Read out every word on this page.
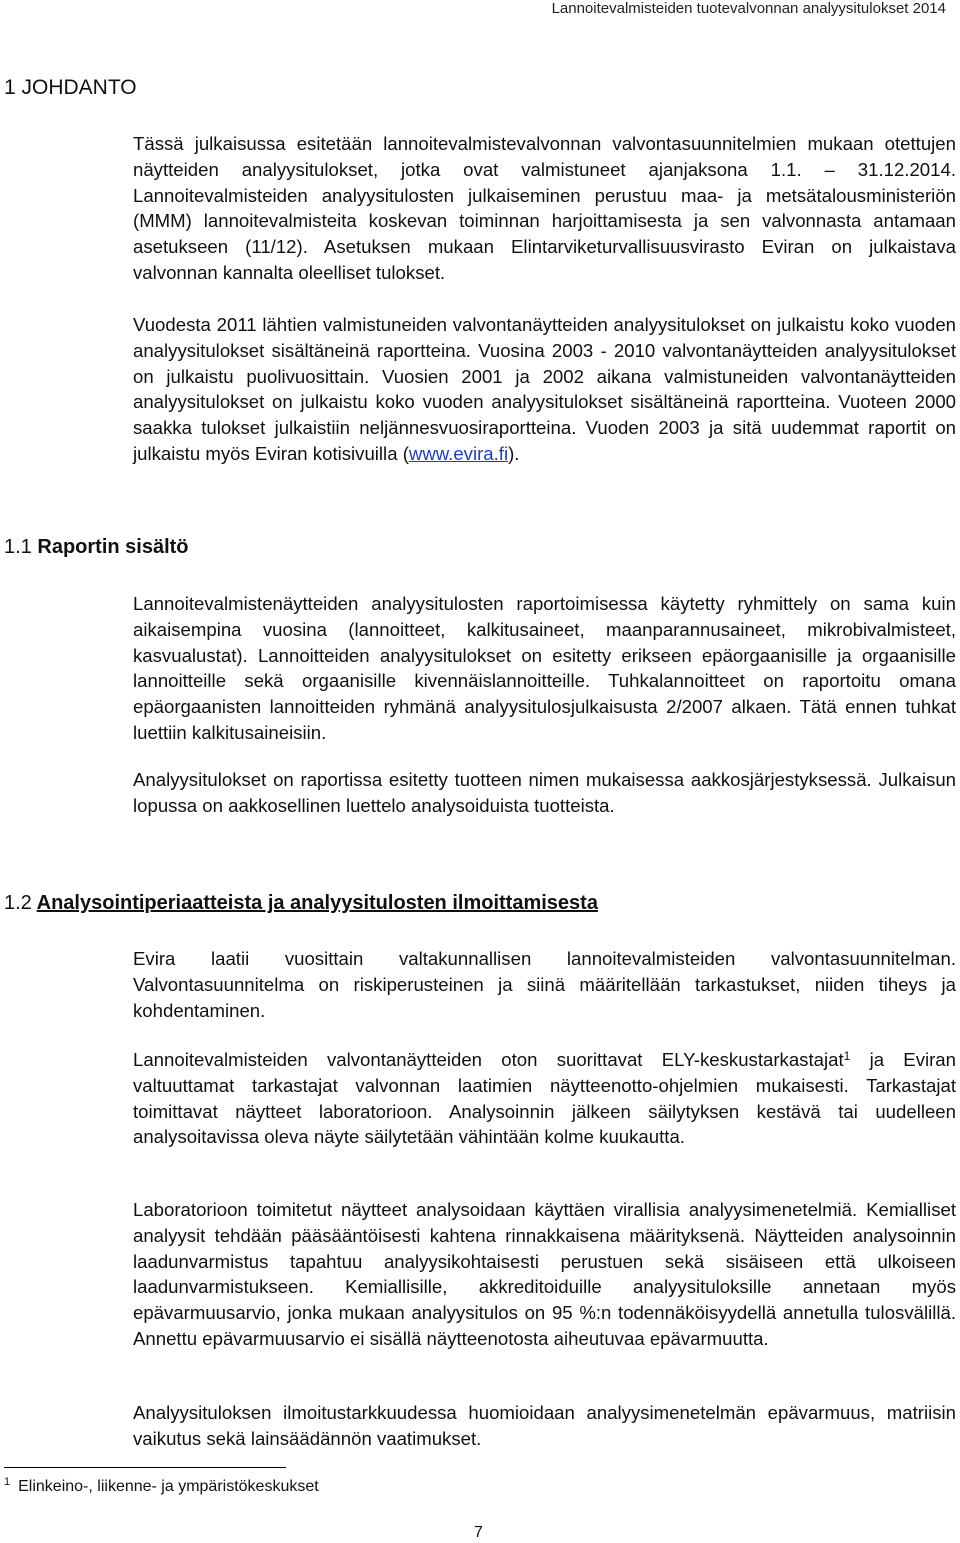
Lannoitevalmisteiden tuotevalvonnan analyysitulokset 2014
1 JOHDANTO

Tässä julkaisussa esitetään lannoitevalmistevalvonnan valvontasuunnitelmien mukaan otettujen näytteiden analyysitulokset, jotka ovat valmistuneet ajanjaksona 1.1. – 31.12.2014. Lannoitevalmisteiden analyysitulosten julkaiseminen perustuu maa- ja metsätalousministeriön (MMM) lannoitevalmisteita koskevan toiminnan harjoittamisesta ja sen valvonnasta antamaan asetukseen (11/12). Asetuksen mukaan Elintarviketurvallisuusvirasto Eviran on julkaistava valvonnan kannalta oleelliset tulokset.

Vuodesta 2011 lähtien valmistuneiden valvontanäytteiden analyysitulokset on julkaistu koko vuoden analyysitulokset sisältäneinä raportteina. Vuosina 2003 - 2010 valvontanäytteiden analyysitulokset on julkaistu puolivuosittain. Vuosien 2001 ja 2002 aikana valmistuneiden valvontanäytteiden analyysitulokset on julkaistu koko vuoden analyysitulokset sisältäneinä raportteina. Vuoteen 2000 saakka tulokset julkaistiin neljännesvuosiraportteina. Vuoden 2003 ja sitä uudemmat raportit on julkaistu myös Eviran kotisivuilla (www.evira.fi).

1.1 Raportin sisältö

Lannoitevalmistenäytteiden analyysitulosten raportoimisessa käytetty ryhmittely on sama kuin aikaisempina vuosina (lannoitteet, kalkitusaineet, maanparannusaineet, mikrobivalmisteet, kasvualustat). Lannoitteiden analyysitulokset on esitetty erikseen epäorgaanisille ja orgaanisille lannoitteille sekä orgaanisille kivennäislannoitteille. Tuhkalannoitteet on raportoitu omana epäorgaanisten lannoitteiden ryhmänä analyysitulosjulkaisusta 2/2007 alkaen. Tätä ennen tuhkat luettiin kalkitusaineisiin.

Analyysitulokset on raportissa esitetty tuotteen nimen mukaisessa aakkosjärjestyksessä. Julkaisun lopussa on aakkosellinen luettelo analysoiduista tuotteista.

1.2 Analysointiperiaatteista ja analyysitulosten ilmoittamisesta

Evira laatii vuosittain valtakunnallisen lannoitevalmisteiden valvontasuunnitelman. Valvontasuunnitelma on riskiperusteinen ja siinä määritellään tarkastukset, niiden tiheys ja kohdentaminen.

Lannoitevalmisteiden valvontanäytteiden oton suorittavat ELY-keskustarkastajat$^1$ ja Eviran valtuuttamat tarkastajat valvonnan laatimien näytteenotto-ohjelmien mukaisesti. Tarkastajat toimittavat näytteet laboratorioon. Analysoinnin jälkeen säilytyksen kestävä tai uudelleen analysoitavissa oleva näyte säilytetään vähintään kolme kuukautta.

Laboratorioon toimitetut näytteet analysoidaan käyttäen virallisia analyysimenetelmiä. Kemialliset analyysit tehdään pääsääntöisesti kahtena rinnakkaisena määrityksenä. Näytteiden analysoinnin laadunvarmistus tapahtuu analyysikohtaisesti perustuen sekä sisäiseen että ulkoiseen laadunvarmistukseen. Kemiallisille, akkreditoiduille analyysituloksille annetaan myös epävarmuusarvio, jonka mukaan analyysitulos on 95 %:n todennäköisyydellä annetulla tulosvälillä. Annettu epävarmuusarvio ei sisällä näytteenotosta aiheutuvaa epävarmuutta.

Analyysituloksen ilmoitustarkkuudessa huomioidaan analyysimenetelmän epävarmuus, matriisin vaikutus sekä lainsäädännön vaatimukset.

$^1$ Elinkeino-, liikenne- ja ympäristökeskukset
7
